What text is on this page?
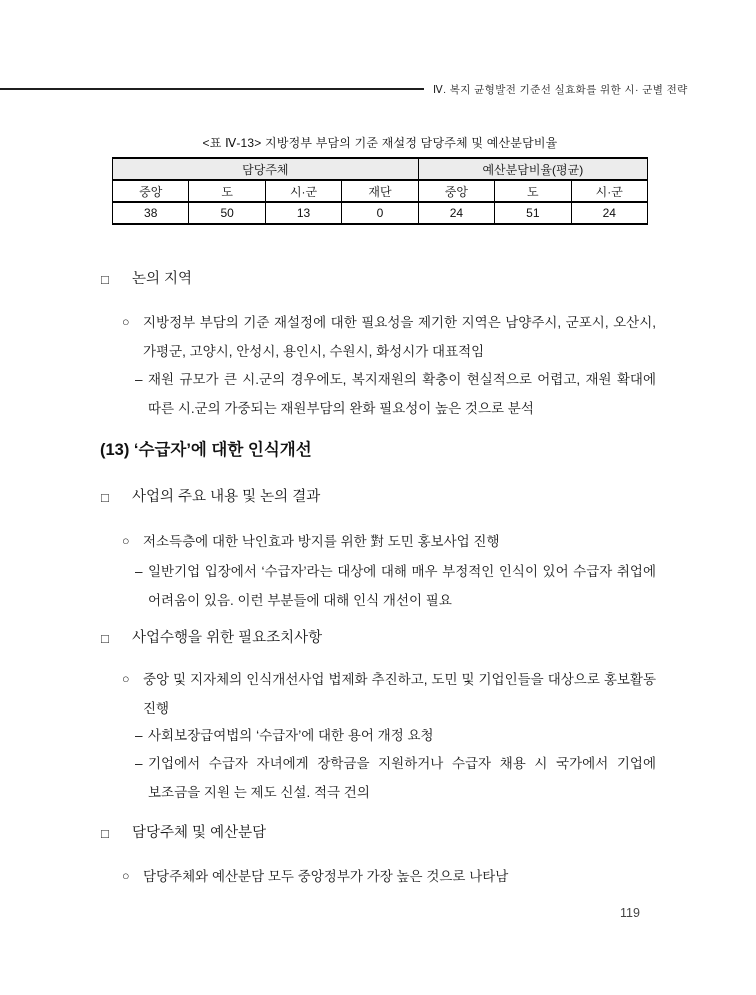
Ⅳ. 복지 균형발전 기준선 실효화를 위한 시· 군별 전략
<표 Ⅳ-13> 지방정부 부담의 기준 재설정 담당주체 및 예산분담비율
담당주체				예산분담비율(평균)		
중앙	도	시·군	재단	중앙	도	시·군
38	50	13	0	24	51	24
□	논의 지역
○ 지방정부 부담의 기준 재설정에 대한 필요성을 제기한 지역은 남양주시, 군포시, 오산시, 가평군, 고양시, 안성시, 용인시, 수원시, 화성시가 대표적임
– 재원 규모가 큰 시.군의 경우에도, 복지재원의 확충이 현실적으로 어렵고, 재원 확대에 따른 시.군의 가중되는 재원부담의 완화 필요성이 높은 것으로 분석
(13) ‘수급자’에 대한 인식개선
□	사업의 주요 내용 및 논의 결과
○ 저소득층에 대한 낙인효과 방지를 위한 對 도민 홍보사업 진행
– 일반기업 입장에서 ‘수급자’라는 대상에 대해 매우 부정적인 인식이 있어 수급자 취업에 어려움이 있음. 이런 부분들에 대해 인식 개선이 필요
□	사업수행을 위한 필요조치사항
○ 중앙 및 지자체의 인식개선사업 법제화 추진하고, 도민 및 기업인들을 대상으로 홍보활동 진행
– 사회보장급여법의 ‘수급자’에 대한 용어 개정 요청
– 기업에서 수급자 자녀에게 장학금을 지원하거나 수급자 채용 시 국가에서 기업에 보조금을 지원 는 제도 신설. 적극 건의
□	담당주체 및 예산분담
○ 담당주체와 예산분담 모두 중앙정부가 가장 높은 것으로 나타남
119
